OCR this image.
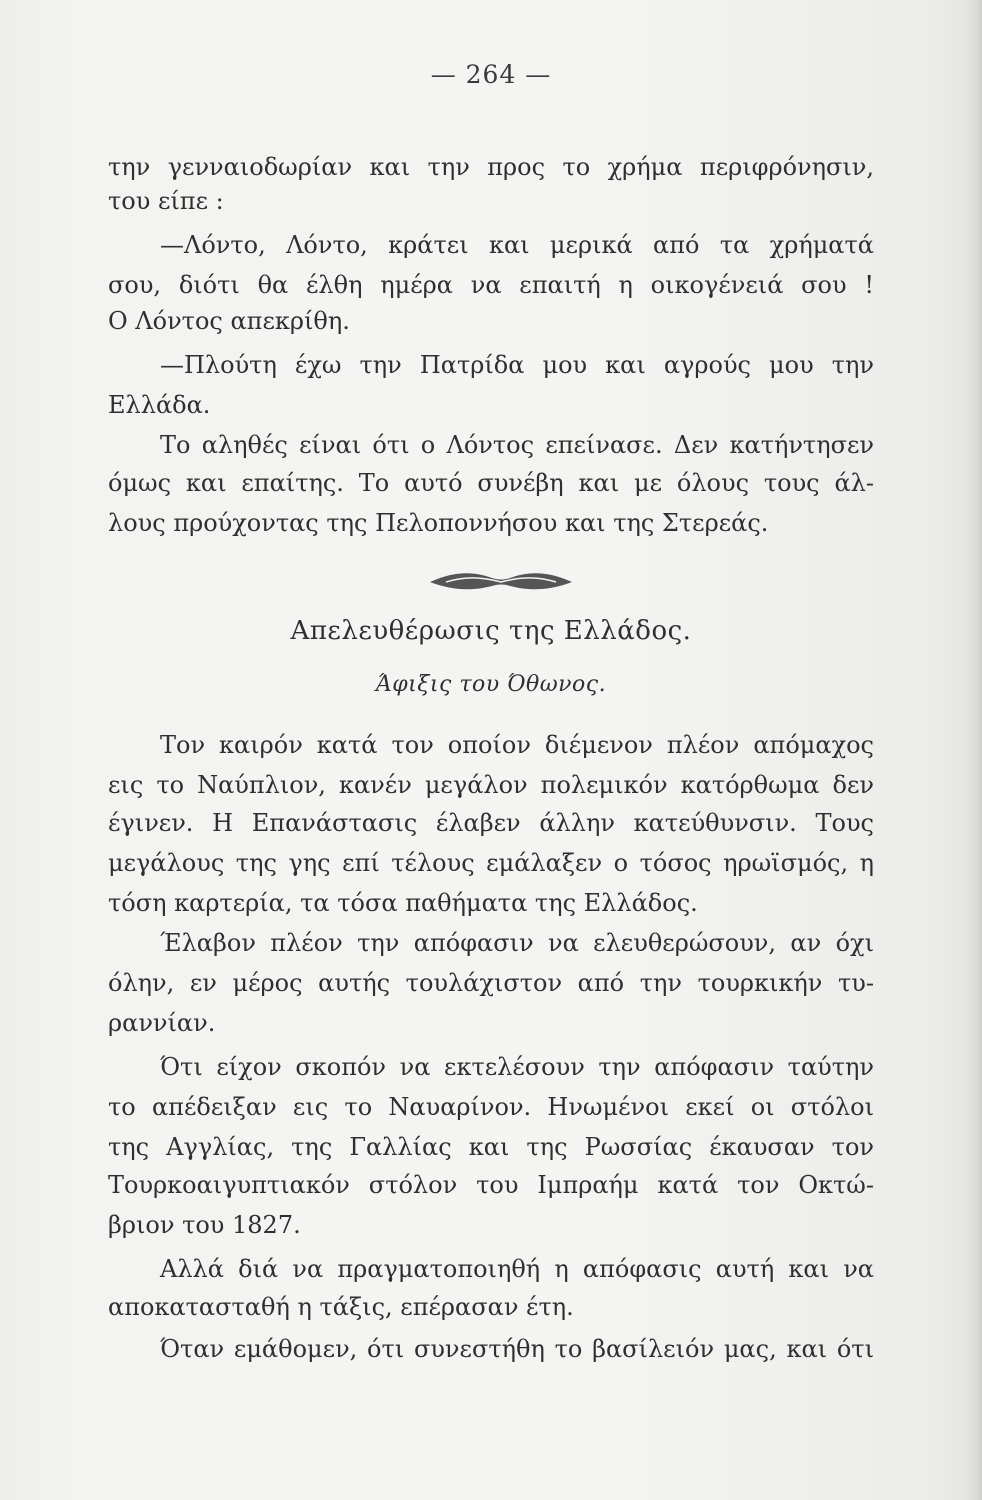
— 264 —
την γενναιοδωρίαν και την προς το χρήμα περιφρόνησιν,
του είπε :
—Λόντο, Λόντο, κράτει και μερικά από τα χρήματά
σου, διότι θα έλθη ημέρα να επαιτή η οικογένειά σου !
Ο Λόντος απεκρίθη.
—Πλούτη έχω την Πατρίδα μου και αγρούς μου την
Ελλάδα.
Το αληθές είναι ότι ο Λόντος επείνασε. Δεν κατήντησεν
όμως και επαίτης. Το αυτό συνέβη και με όλους τους άλ-
λους προύχοντας της Πελοποννήσου και της Στερεάς.
Απελευθέρωσις της Ελλάδος.
Άφιξις του Όθωνος.
Τον καιρόν κατά τον οποίον διέμενον πλέον απόμαχος
εις το Ναύπλιον, κανέν μεγάλον πολεμικόν κατόρθωμα δεν
έγινεν. Η Επανάστασις έλαβεν άλλην κατεύθυνσιν. Τους
μεγάλους της γης επί τέλους εμάλαξεν ο τόσος ηρωϊσμός, η
τόση καρτερία, τα τόσα παθήματα της Ελλάδος.
Έλαβον πλέον την απόφασιν να ελευθερώσουν, αν όχι
όλην, εν μέρος αυτής τουλάχιστον από την τουρκικήν τυ-
ραννίαν.
Ότι είχον σκοπόν να εκτελέσουν την απόφασιν ταύτην
το απέδειξαν εις το Ναυαρίνον. Ηνωμένοι εκεί οι στόλοι
της Αγγλίας, της Γαλλίας και της Ρωσσίας έκαυσαν τον
Τουρκοαιγυπτιακόν στόλον του Ιμπραήμ κατά τον Οκτώ-
βριον του 1827.
Αλλά διά να πραγματοποιηθή η απόφασις αυτή και να
αποκατασταθή η τάξις, επέρασαν έτη.
Όταν εμάθομεν, ότι συνεστήθη το βασίλειόν μας, και ότι
